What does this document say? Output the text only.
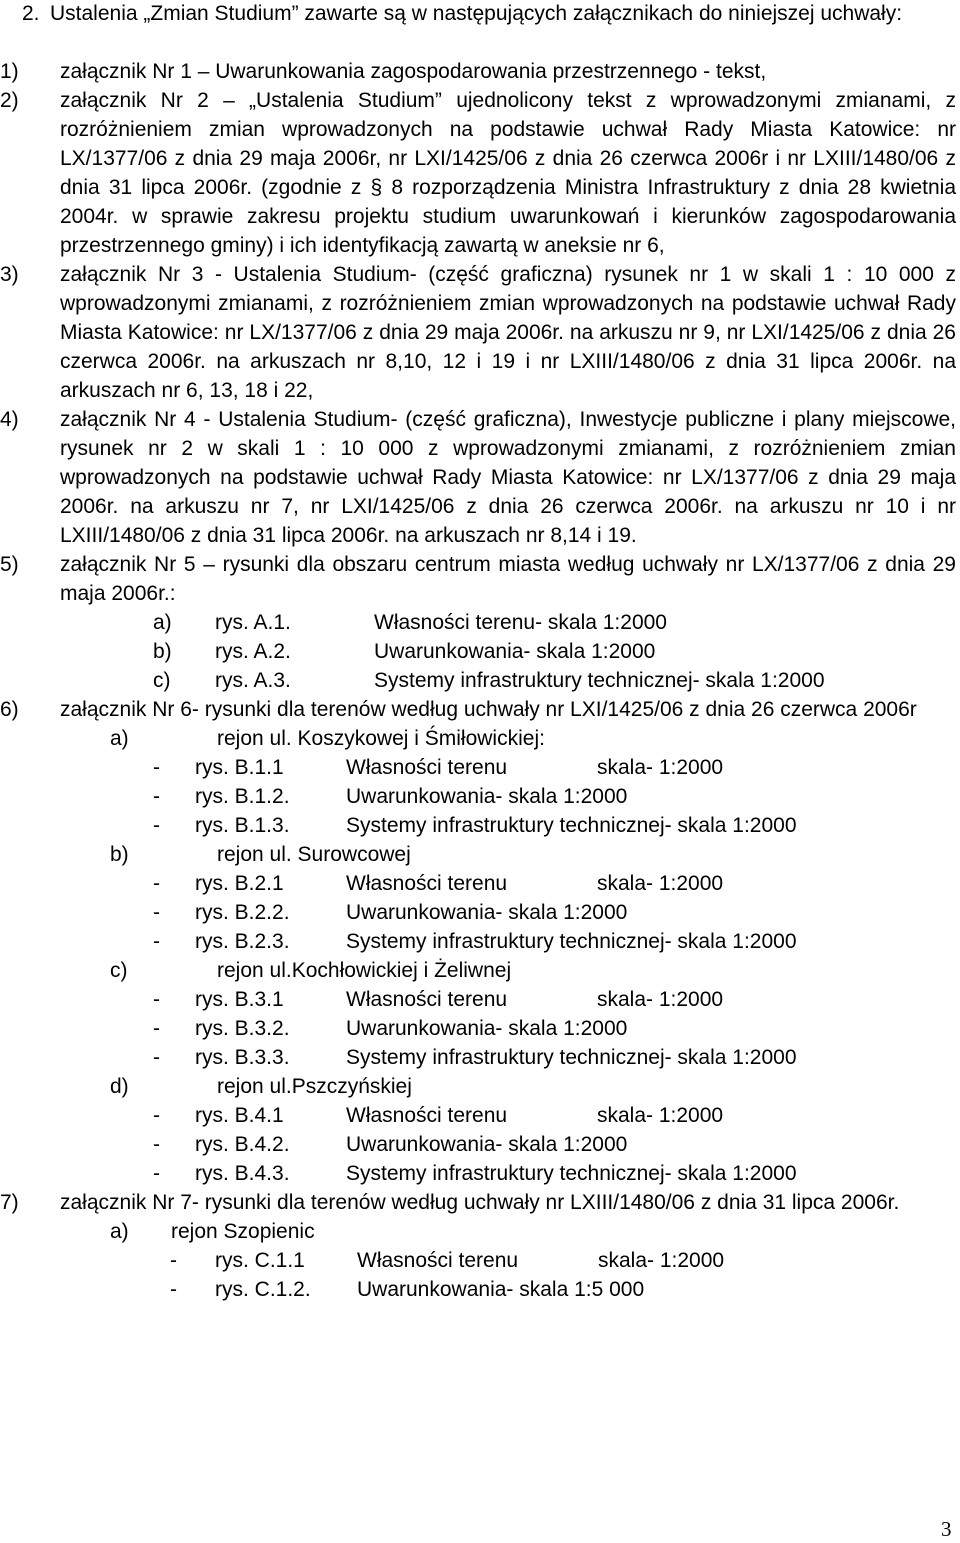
2. Ustalenia „Zmian Studium” zawarte są w następujących załącznikach do niniejszej uchwały:
1) załącznik Nr 1 – Uwarunkowania zagospodarowania przestrzennego - tekst,
2) załącznik Nr 2 – „Ustalenia Studium” ujednolicony tekst z wprowadzonymi zmianami, z rozróżnieniem zmian wprowadzonych na podstawie uchwał Rady Miasta Katowice: nr LX/1377/06 z dnia 29 maja 2006r, nr LXI/1425/06 z dnia 26 czerwca 2006r i nr LXIII/1480/06 z dnia 31 lipca 2006r. (zgodnie z § 8 rozporządzenia Ministra Infrastruktury z dnia 28 kwietnia 2004r. w sprawie zakresu projektu studium uwarunkowań i kierunków zagospodarowania przestrzennego gminy) i ich identyfikacją zawartą w aneksie nr 6,
3) załącznik Nr 3 - Ustalenia Studium- (część graficzna) rysunek nr 1 w skali 1 : 10 000 z wprowadzonymi zmianami, z rozróżnieniem zmian wprowadzonych na podstawie uchwał Rady Miasta Katowice: nr LX/1377/06 z dnia 29 maja 2006r. na arkuszu nr 9, nr LXI/1425/06 z dnia 26 czerwca 2006r. na arkuszach nr 8,10, 12 i 19 i nr LXIII/1480/06 z dnia 31 lipca 2006r. na arkuszach nr 6, 13, 18 i 22,
4) załącznik Nr 4 - Ustalenia Studium- (część graficzna), Inwestycje publiczne i plany miejscowe, rysunek nr 2 w skali 1 : 10 000 z wprowadzonymi zmianami, z rozróżnieniem zmian wprowadzonych na podstawie uchwał Rady Miasta Katowice: nr LX/1377/06 z dnia 29 maja 2006r. na arkuszu nr 7, nr LXI/1425/06 z dnia 26 czerwca 2006r. na arkuszu nr 10 i nr LXIII/1480/06 z dnia 31 lipca 2006r. na arkuszach nr 8,14 i 19.
5) załącznik Nr 5 – rysunki dla obszaru centrum miasta według uchwały nr LX/1377/06 z dnia 29 maja 2006r.:
a) rys. A.1.	Własności terenu- skala 1:2000
b) rys. A.2.	Uwarunkowania- skala 1:2000
c) rys. A.3.	Systemy infrastruktury technicznej- skala 1:2000
6) załącznik Nr 6- rysunki dla terenów według uchwały nr LXI/1425/06 z dnia 26 czerwca 2006r
a)	rejon ul. Koszykowej i Śmiłowickiej:
- rys. B.1.1	Własności terenu	skala- 1:2000
- rys. B.1.2.	Uwarunkowania- skala 1:2000
- rys. B.1.3.	Systemy infrastruktury technicznej- skala 1:2000
b)	rejon ul. Surowcowej
- rys. B.2.1	Własności terenu	skala- 1:2000
- rys. B.2.2.	Uwarunkowania- skala 1:2000
- rys. B.2.3.	Systemy infrastruktury technicznej- skala 1:2000
c)	rejon ul.Kochłowickiej i Żeliwnej
- rys. B.3.1	Własności terenu	skala- 1:2000
- rys. B.3.2.	Uwarunkowania- skala 1:2000
- rys. B.3.3.	Systemy infrastruktury technicznej- skala 1:2000
d)	rejon ul.Pszczyńskiej
- rys. B.4.1	Własności terenu	skala- 1:2000
- rys. B.4.2.	Uwarunkowania- skala 1:2000
- rys. B.4.3.	Systemy infrastruktury technicznej- skala 1:2000
7) załącznik Nr 7- rysunki dla terenów według uchwały nr LXIII/1480/06 z dnia 31 lipca 2006r.
a) rejon Szopienic
- rys. C.1.1 Własności terenu	skala- 1:2000
- rys. C.1.2. Uwarunkowania- skala 1:5 000
3
